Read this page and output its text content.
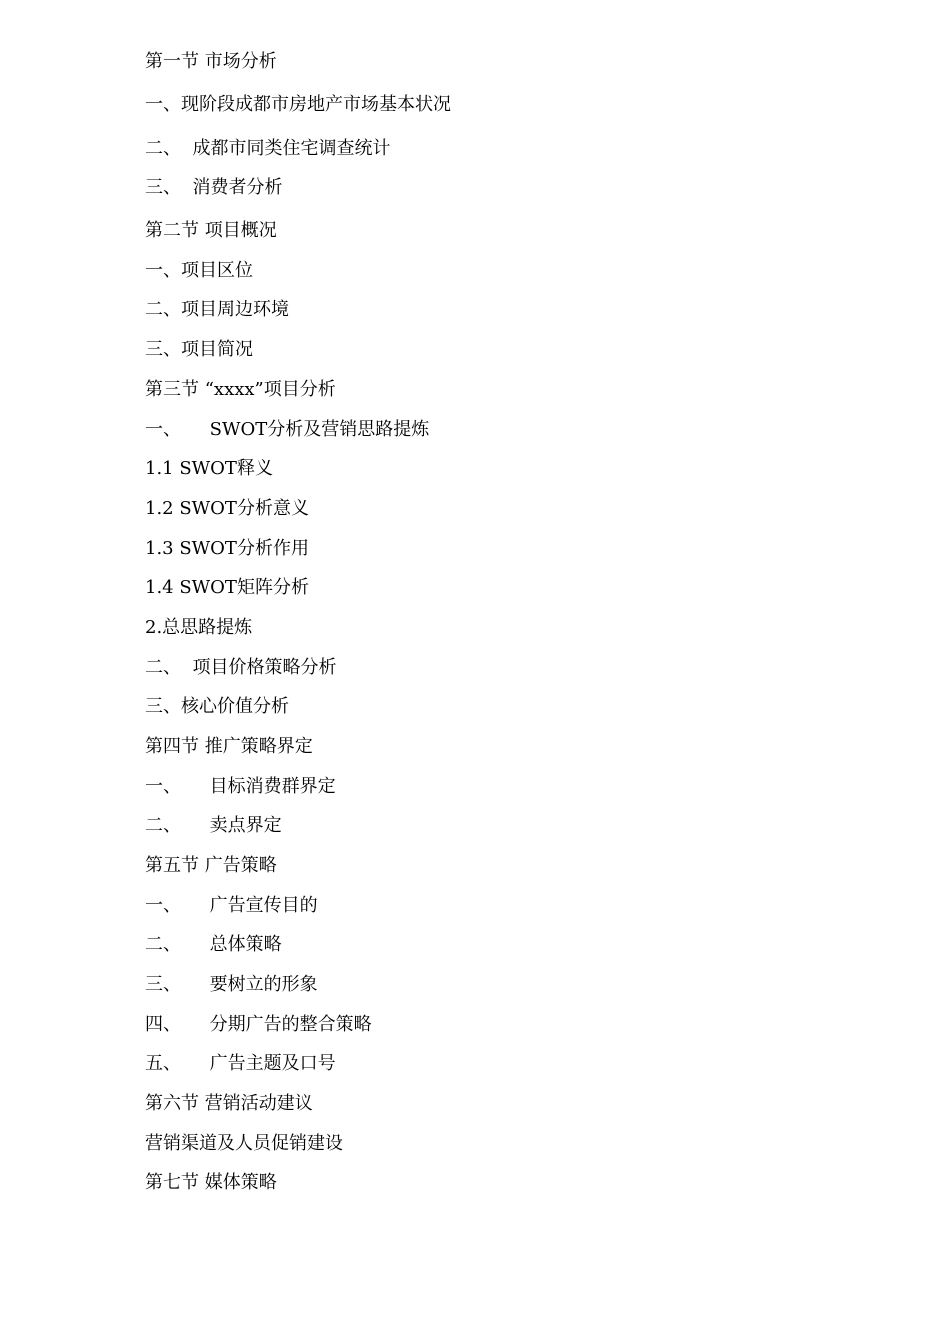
第一节 市场分析
一、现阶段成都市房地产市场基本状况
二、  成都市同类住宅调查统计
三、  消费者分析
第二节 项目概况
一、项目区位
二、项目周边环境
三、项目简况
第三节 “xxxx”项目分析
一、     SWOT分析及营销思路提炼
1.1 SWOT释义
1.2 SWOT分析意义
1.3 SWOT分析作用
1.4 SWOT矩阵分析
2.总思路提炼
二、  项目价格策略分析
三、核心价值分析
第四节 推广策略界定
一、     目标消费群界定
二、     卖点界定
第五节 广告策略
一、     广告宣传目的
二、     总体策略
三、     要树立的形象
四、     分期广告的整合策略
五、     广告主题及口号
第六节 营销活动建议
营销渠道及人员促销建设
第七节 媒体策略
